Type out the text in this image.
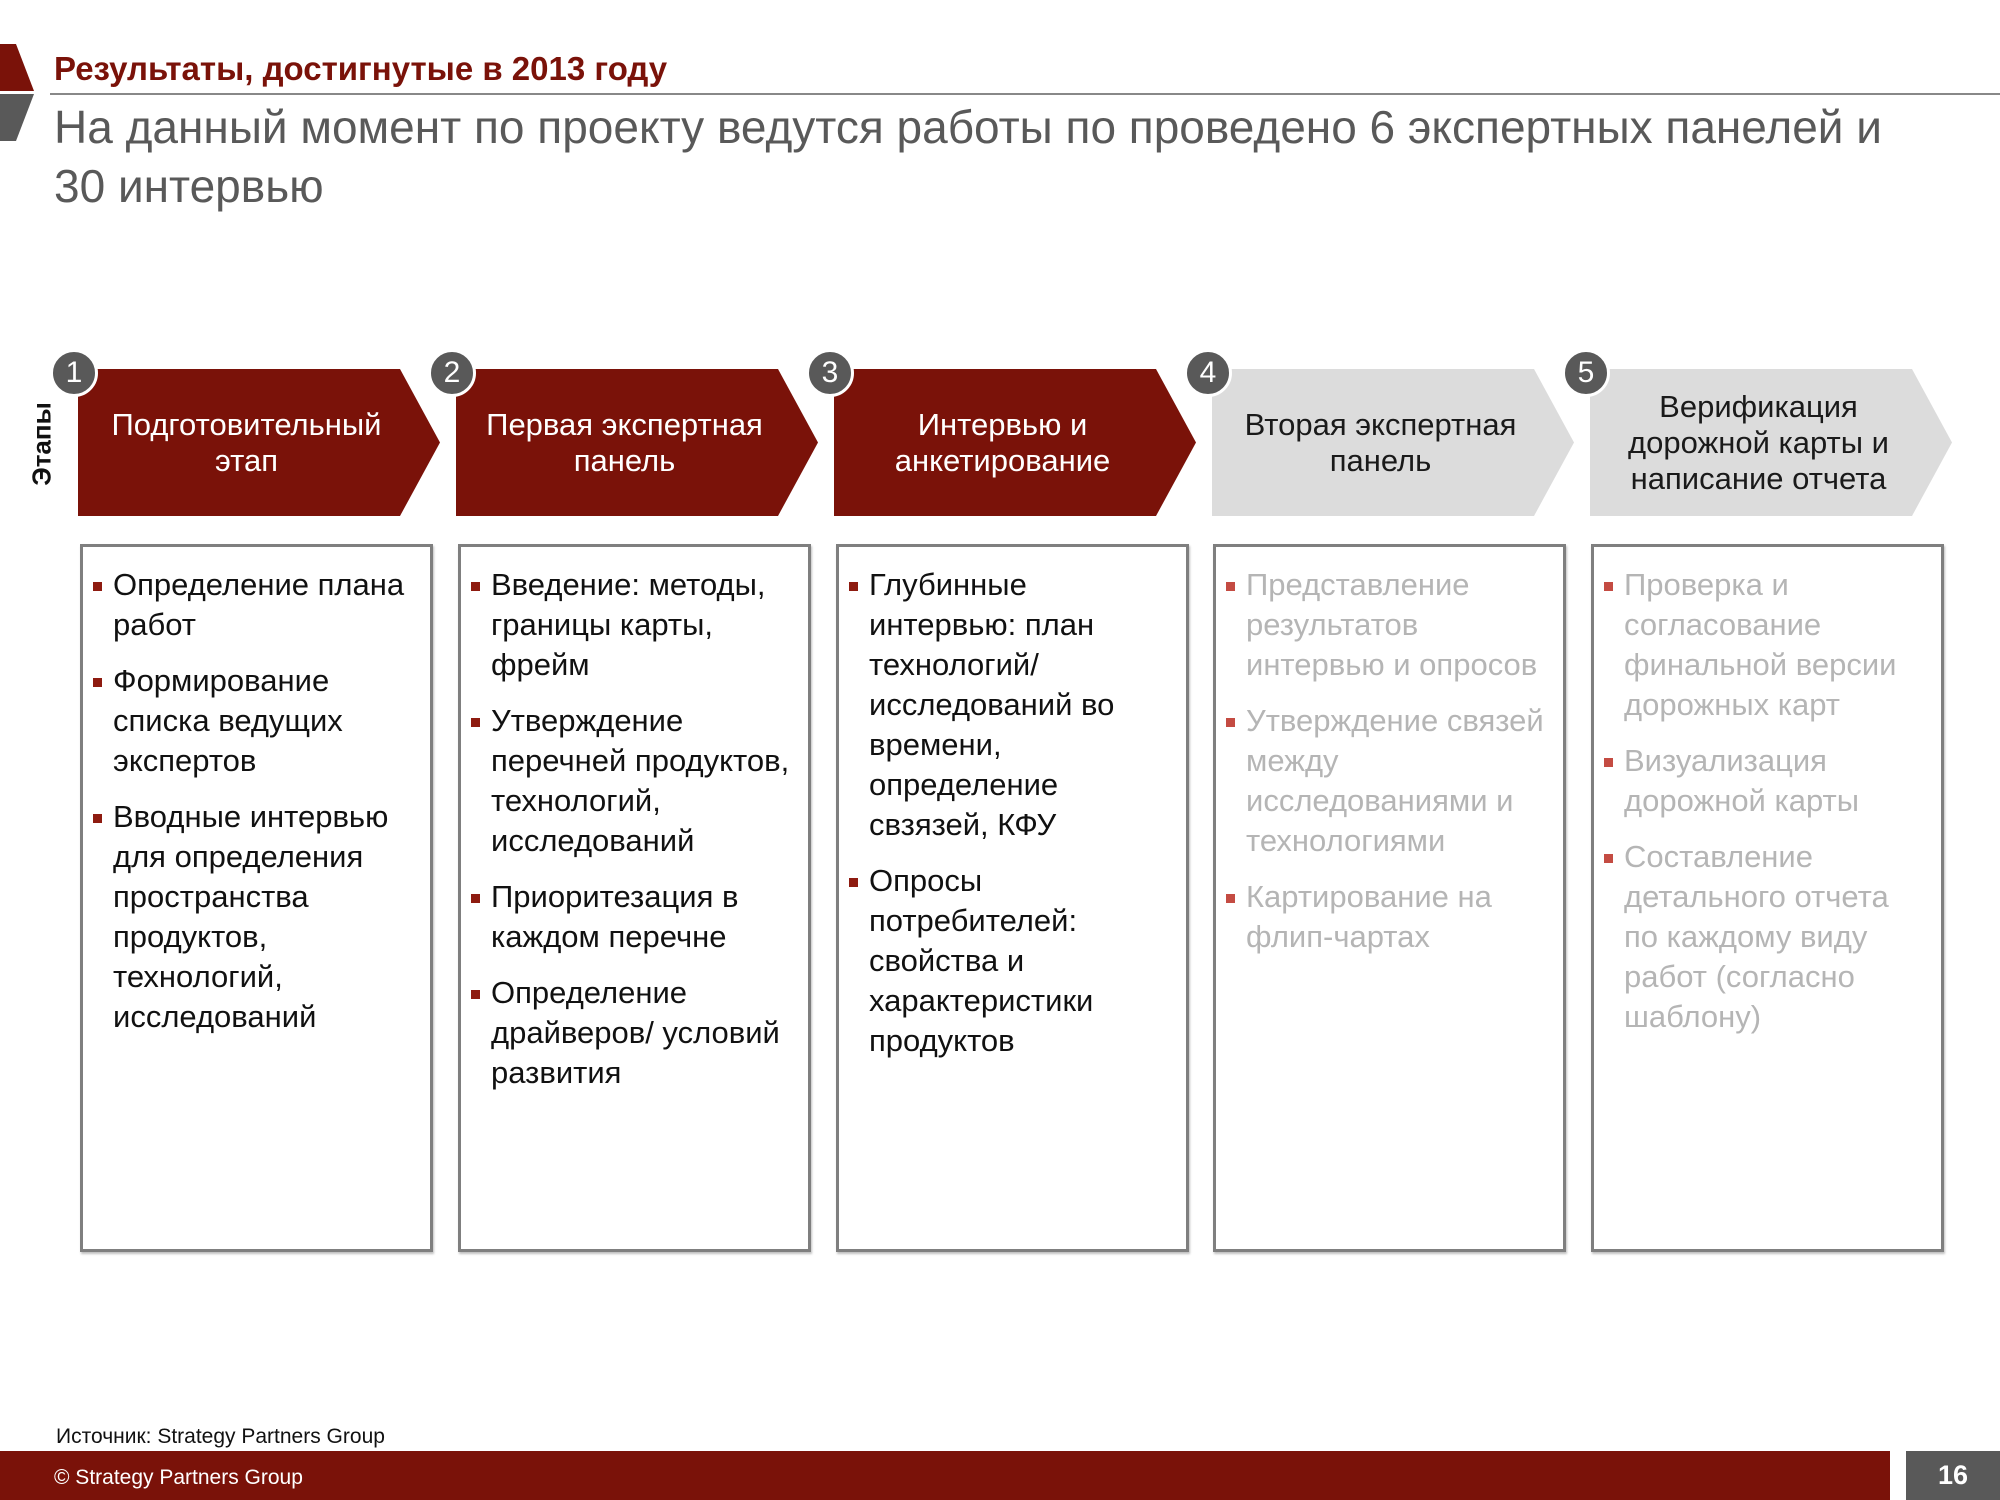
Результаты, достигнутые в 2013 году
На данный момент по проекту ведутся работы по проведено 6 экспертных панелей и 30 интервью
Этапы	Подготовительный этап
1
Первая экспертная панель
2
Интервью и анкетирование
3
Вторая экспертная панель
4
Верификация дорожной карты и написание отчета
5
Определение плана работ
Формирование списка ведущих экспертов
Вводные интервью для определения пространства продуктов, технологий, исследований
Введение: методы, границы карты, фрейм
Утверждение перечней продуктов, технологий, исследований
Приоритезация в каждом перечне
Определение драйверов/ условий развития
Глубинные интервью: план технологий/ исследований во времени, определение свзязей, КФУ
Опросы потребителей: свойства и характеристики продуктов
Представление результатов интервью и опросов
Утверждение связей между исследованиями и технологиями
Картирование на флип-чартах
Проверка и согласование финальной версии дорожных карт
Визуализация дорожной карты
Составление детального отчета по каждому виду работ (согласно шаблону)
Источник: Strategy Partners Group
© Strategy Partners Group	16
